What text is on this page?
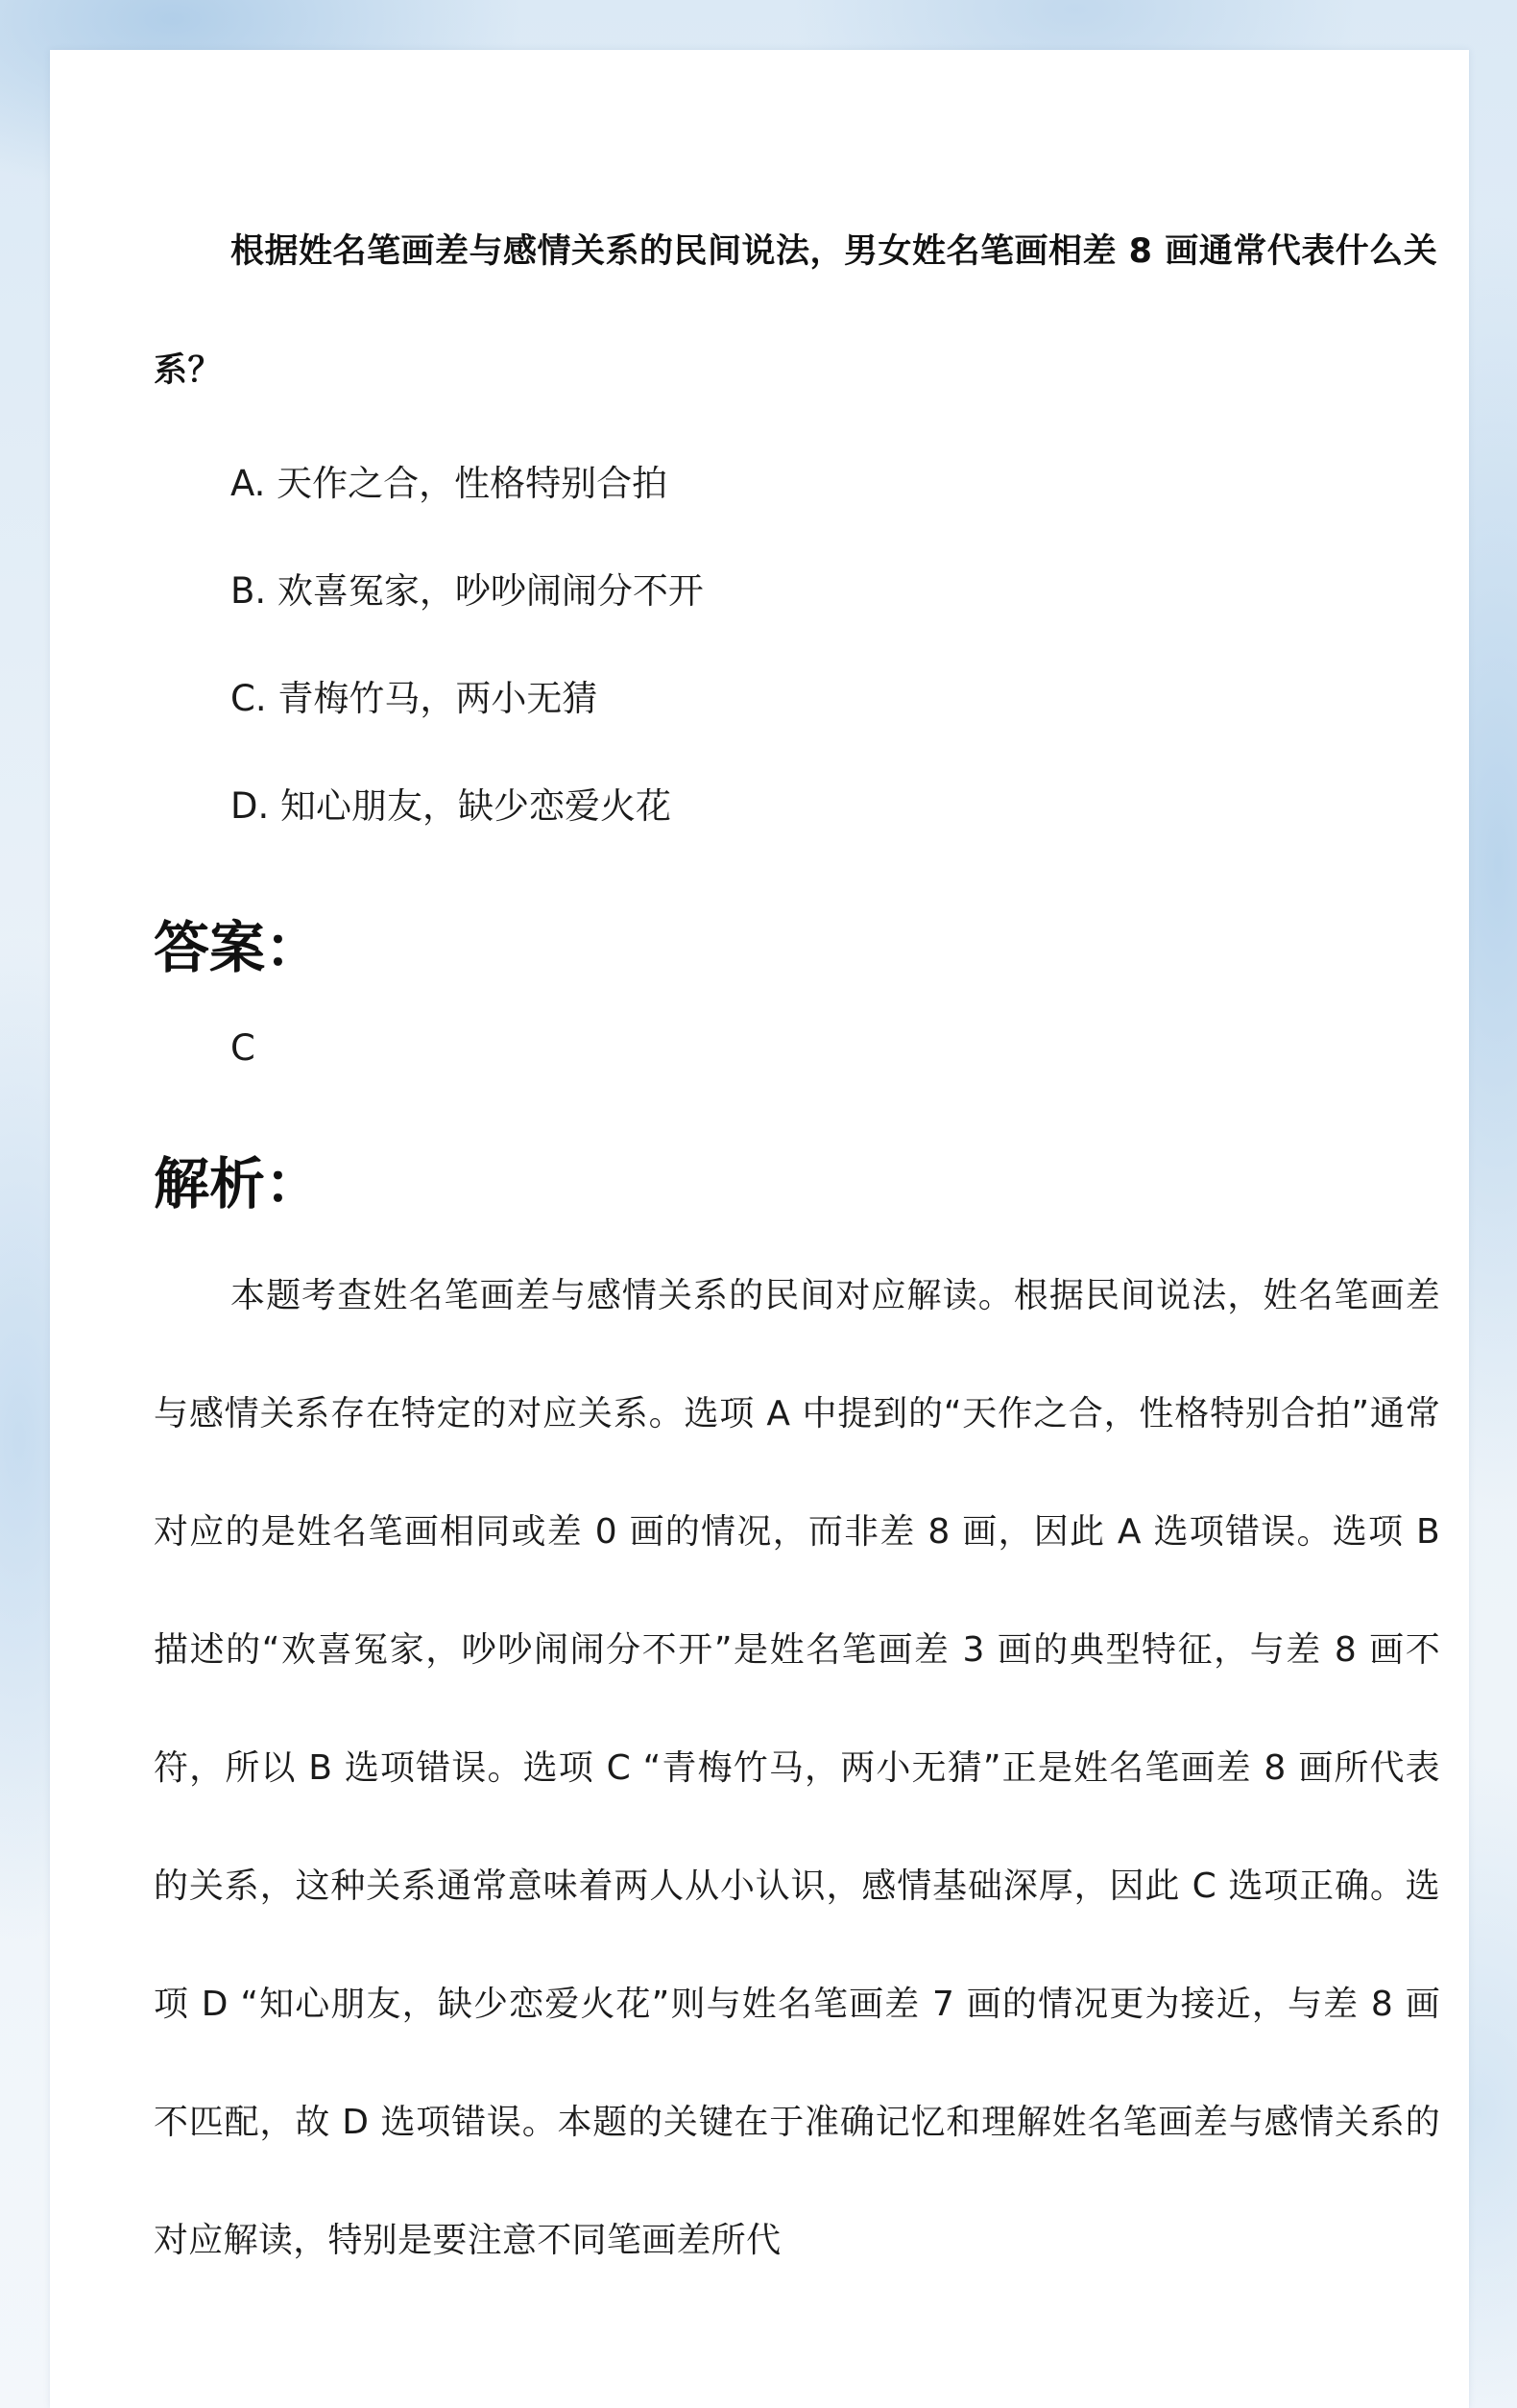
根据姓名笔画差与感情关系的民间说法，男女姓名笔画相差 8 画通常代表什么关系？

A. 天作之合，性格特别合拍
B. 欢喜冤家，吵吵闹闹分不开
C. 青梅竹马，两小无猜
D. 知心朋友，缺少恋爱火花
答案：

C

解析：

本题考查姓名笔画差与感情关系的民间对应解读。根据民间说法，姓名笔画差与感情关系存在特定的对应关系。选项 A 中提到的“天作之合，性格特别合拍”通常对应的是姓名笔画相同或差 0 画的情况，而非差 8 画，因此 A 选项错误。选项 B 描述的“欢喜冤家，吵吵闹闹分不开”是姓名笔画差 3 画的典型特征，与差 8 画不符，所以 B 选项错误。选项 C “青梅竹马，两小无猜”正是姓名笔画差 8 画所代表的关系，这种关系通常意味着两人从小认识，感情基础深厚，因此 C 选项正确。选项 D “知心朋友，缺少恋爱火花”则与姓名笔画差 7 画的情况更为接近，与差 8 画不匹配，故 D 选项错误。本题的关键在于准确记忆和理解姓名笔画差与感情关系的对应解读，特别是要注意不同笔画差所代
